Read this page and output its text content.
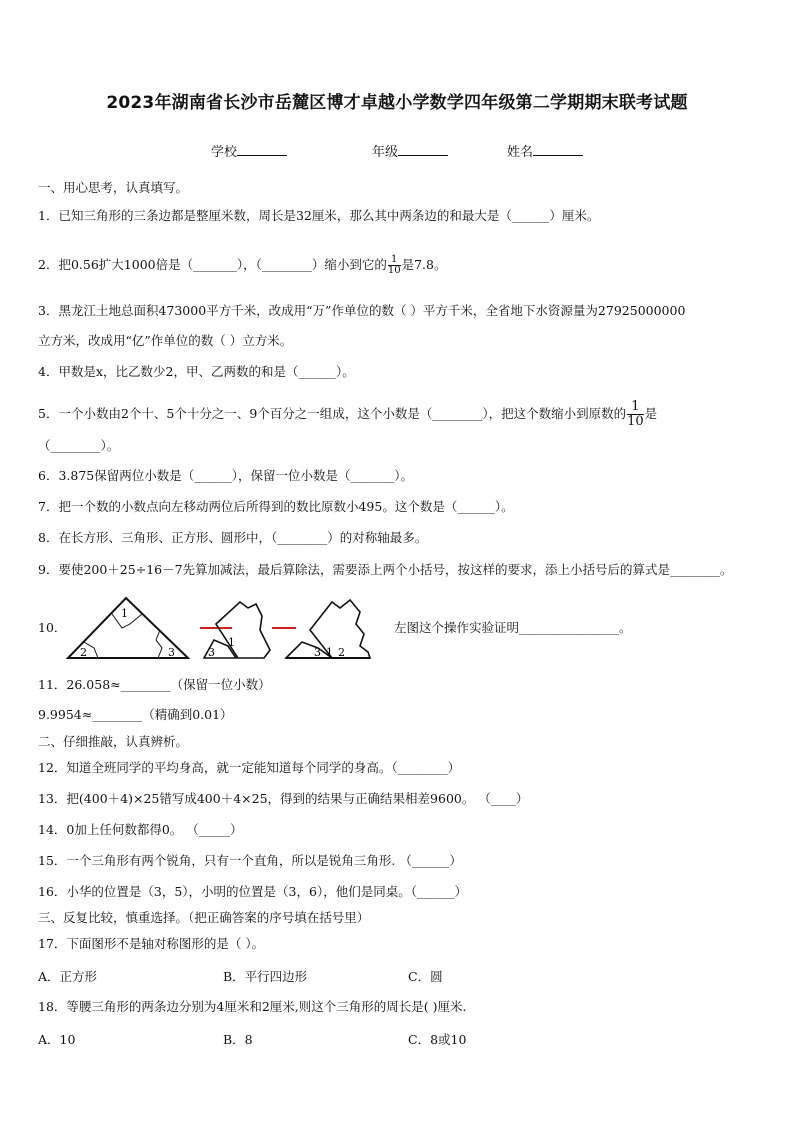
2023年湖南省长沙市岳麓区博才卓越小学数学四年级第二学期期末联考试题
学校	年级	姓名
一、用心思考，认真填写。
1．已知三角形的三条边都是整厘米数，周长是32厘米，那么其中两条边的和最大是（______）厘米。
2．把0.56扩大1000倍是（_______），（________）缩小到它的 $\frac{1}{10}$ 是7.8。
3．黑龙江土地总面积473000平方千米，改成用“万”作单位的数（ ）平方千米，全省地下水资源量为27925000000
立方米，改成用“亿”作单位的数（ ）立方米。
4．甲数是x，比乙数少2，甲、乙两数的和是（______）。
5．一个小数由2个十、5个十分之一、9个百分之一组成，这个小数是（________），把这个数缩小到原数的 $\frac{1}{10}$ 是
（________）。
6．3.875保留两位小数是（______），保留一位小数是（_______）。
7．把一个数的小数点向左移动两位后所得到的数比原数小495。这个数是（______）。
8．在长方形、三角形、正方形、圆形中，（________）的对称轴最多。
9．要使200＋25÷16－7先算加减法，最后算除法，需要添上两个小括号，按这样的要求，添上小括号后的算式是________。
10．
1
2	3	3
1
3 1 2
左图这个操作实验证明________________。
11．26.058≈________（保留一位小数）
9.9954≈________（精确到0.01）
二、仔细推敲，认真辨析。
12．知道全班同学的平均身高，就一定能知道每个同学的身高。（________）
13．把(400＋4)×25错写成400＋4×25，得到的结果与正确结果相差9600。 （____）
14．0加上任何数都得0。 （_____）
15．一个三角形有两个锐角，只有一个直角，所以是锐角三角形. （______）
16．小华的位置是（3，5），小明的位置是（3，6），他们是同桌。（______）
三、反复比较，慎重选择。（把正确答案的序号填在括号里）
17．下面图形不是轴对称图形的是（ ）。
A．正方形	B．平行四边形	C．圆
18．等腰三角形的两条边分别为4厘米和2厘米,则这个三角形的周长是( )厘米.
A．10	B．8	C．8或10
